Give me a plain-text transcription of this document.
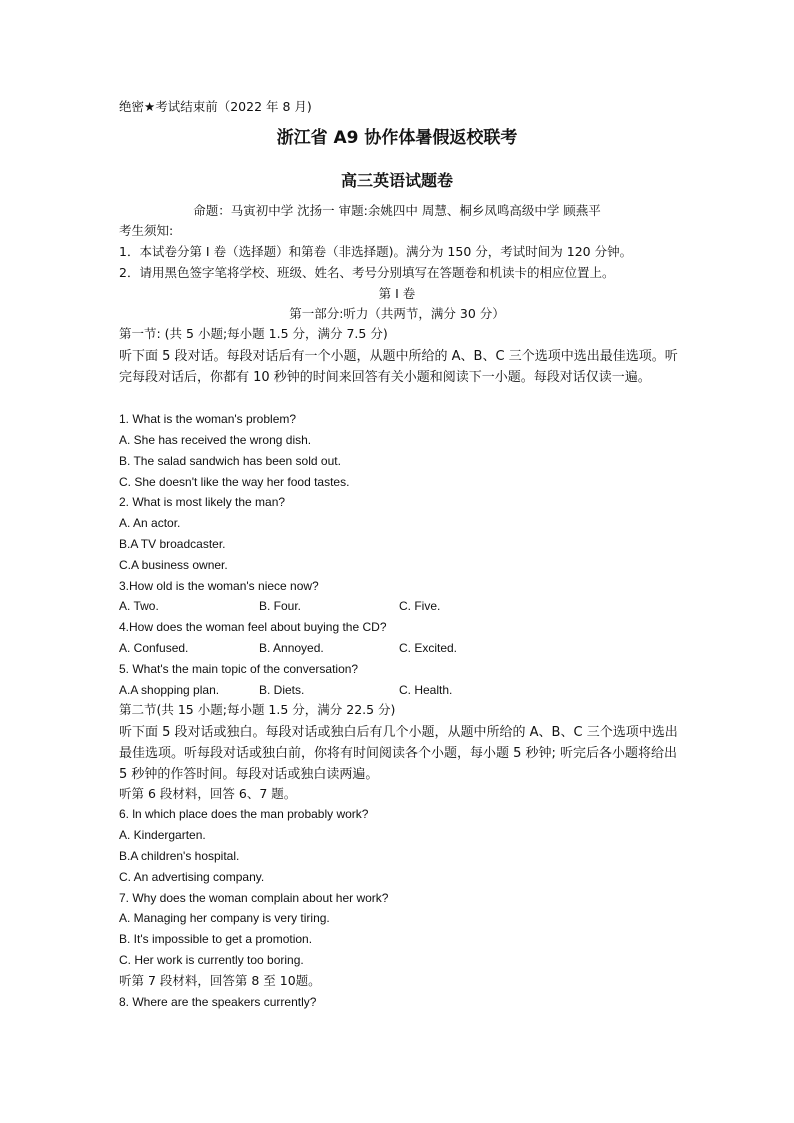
绝密★考试结束前（2022 年 8 月)
浙江省 A9 协作体暑假返校联考
高三英语试题卷
命题：马寅初中学 沈扬一 审题:余姚四中 周慧、桐乡凤鸣高级中学 顾燕平
考生须知:
1．本试卷分第 I 卷（选择题）和第卷（非选择题)。满分为 150 分，考试时间为 120 分钟。
2．请用黑色签字笔将学校、班级、姓名、考号分别填写在答题卷和机读卡的相应位置上。
第 I 卷
第一部分:听力（共两节，满分 30 分）
第一节: (共 5 小题;每小题 1.5 分，满分 7.5 分)
听下面 5 段对话。每段对话后有一个小题，从题中所给的 A、B、C 三个选项中选出最佳选项。听完每段对话后，你都有 10 秒钟的时间来回答有关小题和阅读下一小题。每段对话仅读一遍。
1. What is the woman's problem?
A. She has received the wrong dish.
B. The salad sandwich has been sold out.
C. She doesn't like the way her food tastes.
2. What is most likely the man?
A. An actor.
B.A TV broadcaster.
C.A business owner.
3.How old is the woman's niece now?
A. Two.	B. Four.	C. Five.
4.How does the woman feel about buying the CD?
A. Confused.	B. Annoyed.	C. Excited.
5. What's the main topic of the conversation?
A.A shopping plan.	B. Diets.	C. Health.
第二节(共 15 小题;每小题 1.5 分，满分 22.5 分)
听下面 5 段对话或独白。每段对话或独白后有几个小题，从题中所给的 A、B、C 三个选项中选出最佳选项。听每段对话或独白前，你将有时间阅读各个小题，每小题 5 秒钟; 听完后各小题将给出 5 秒钟的作答时间。每段对话或独白读两遍。
听第 6 段材料，回答 6、7 题。
6. ln which place does the man probably work?
A. Kindergarten.
B.A children's hospital.
C. An advertising company.
7. Why does the woman complain about her work?
A. Managing her company is very tiring.
B. It's impossible to get a promotion.
C. Her work is currently too boring.
听第 7 段材料，回答第 8 至 10题。
8. Where are the speakers currently?
